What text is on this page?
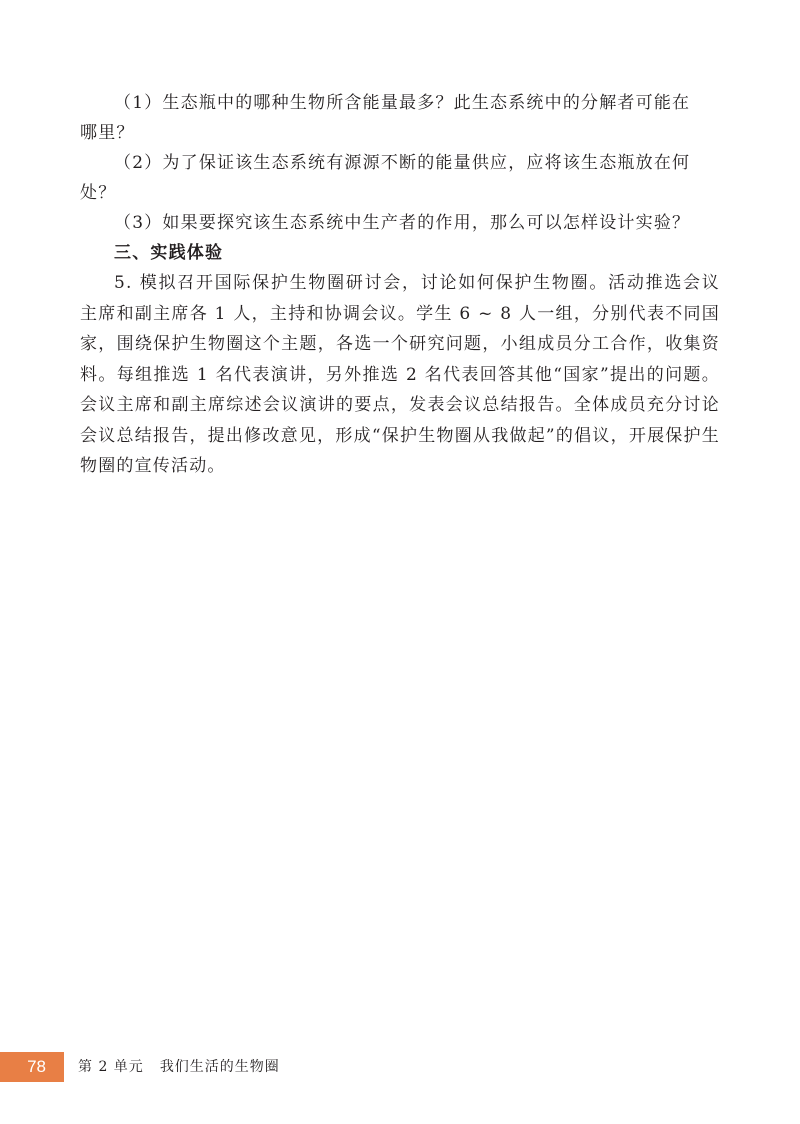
（1）生态瓶中的哪种生物所含能量最多？此生态系统中的分解者可能在

哪里？

（2）为了保证该生态系统有源源不断的能量供应，应将该生态瓶放在何处？

（3）如果要探究该生态系统中生产者的作用，那么可以怎样设计实验？

三、实践体验

5. 模拟召开国际保护生物圈研讨会，讨论如何保护生物圈。活动推选会议主席和副主席各 1 人，主持和协调会议。学生 6 ~ 8 人一组，分别代表不同国家，围绕保护生物圈这个主题，各选一个研究问题，小组成员分工合作，收集资料。每组推选 1 名代表演讲，另外推选 2 名代表回答其他“国家”提出的问题。会议主席和副主席综述会议演讲的要点，发表会议总结报告。全体成员充分讨论会议总结报告，提出修改意见，形成“保护生物圈从我做起”的倡议，开展保护生物圈的宣传活动。

78	第 2 单元 我们生活的生物圈
